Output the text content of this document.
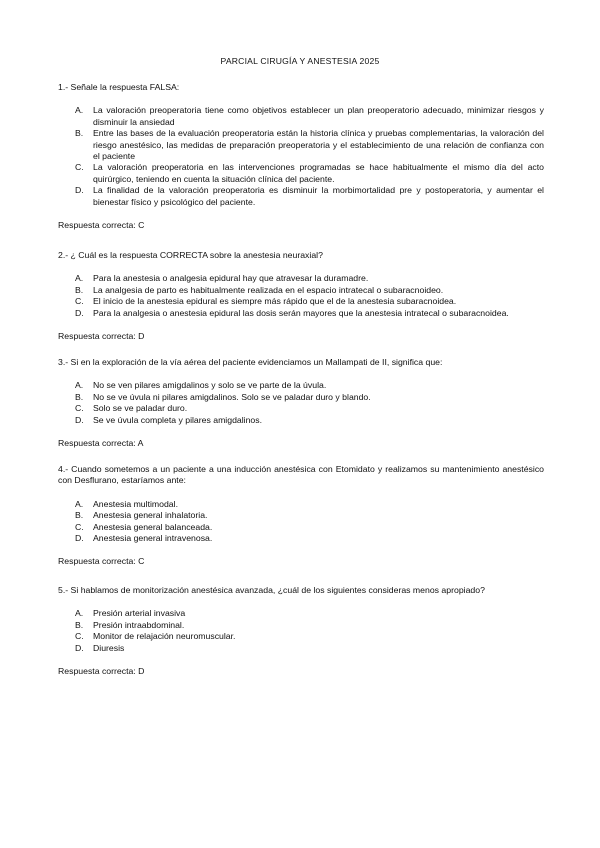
PARCIAL CIRUGÍA Y ANESTESIA 2025

1.- Señale la respuesta FALSA:

A.	La valoración preoperatoria tiene como objetivos establecer un plan preoperatorio adecuado, minimizar riesgos y disminuir la ansiedad
B.	Entre las bases de la evaluación preoperatoria están la historia clínica y pruebas complementarias, la valoración del riesgo anestésico, las medidas de preparación preoperatoria y el establecimiento de una relación de confianza con el paciente
C.	La valoración preoperatoria en las intervenciones programadas se hace habitualmente el mismo día del acto quirúrgico, teniendo en cuenta la situación clínica del paciente.
D.	La finalidad de la valoración preoperatoria es disminuir la morbimortalidad pre y postoperatoria, y aumentar el bienestar físico y psicológico del paciente.

Respuesta correcta: C

2.- ¿ Cuál es la respuesta CORRECTA sobre la anestesia neuraxial?

A.	Para la anestesia o analgesia epidural hay que atravesar la duramadre.
B.	La analgesia de parto es habitualmente realizada en el espacio intratecal o subaracnoideo.
C.	El inicio de la anestesia epidural es siempre más rápido que el de la anestesia subaracnoidea.
D.	Para la analgesia o anestesia epidural las dosis serán mayores que la anestesia intratecal o subaracnoidea.

Respuesta correcta: D

3.- Si en la exploración de la vía aérea del paciente evidenciamos un Mallampati de II, significa que:

A.	No se ven pilares amigdalinos y solo se ve parte de la úvula.
B.	No se ve úvula ni pilares amigdalinos. Solo se ve paladar duro y blando.
C.	Solo se ve paladar duro.
D.	Se ve úvula completa y pilares amigdalinos.

Respuesta correcta: A

4.- Cuando sometemos a un paciente a una inducción anestésica con Etomidato y realizamos su mantenimiento anestésico con Desflurano, estaríamos ante:

A.	Anestesia multimodal.
B.	Anestesia general inhalatoria.
C.	Anestesia general balanceada.
D.	Anestesia general intravenosa.

Respuesta correcta: C

5.- Si hablamos de monitorización anestésica avanzada, ¿cuál de los siguientes consideras menos apropiado?

A.	Presión arterial invasiva
B.	Presión intraabdominal.
C.	Monitor de relajación neuromuscular.
D.	Diuresis

Respuesta correcta: D
